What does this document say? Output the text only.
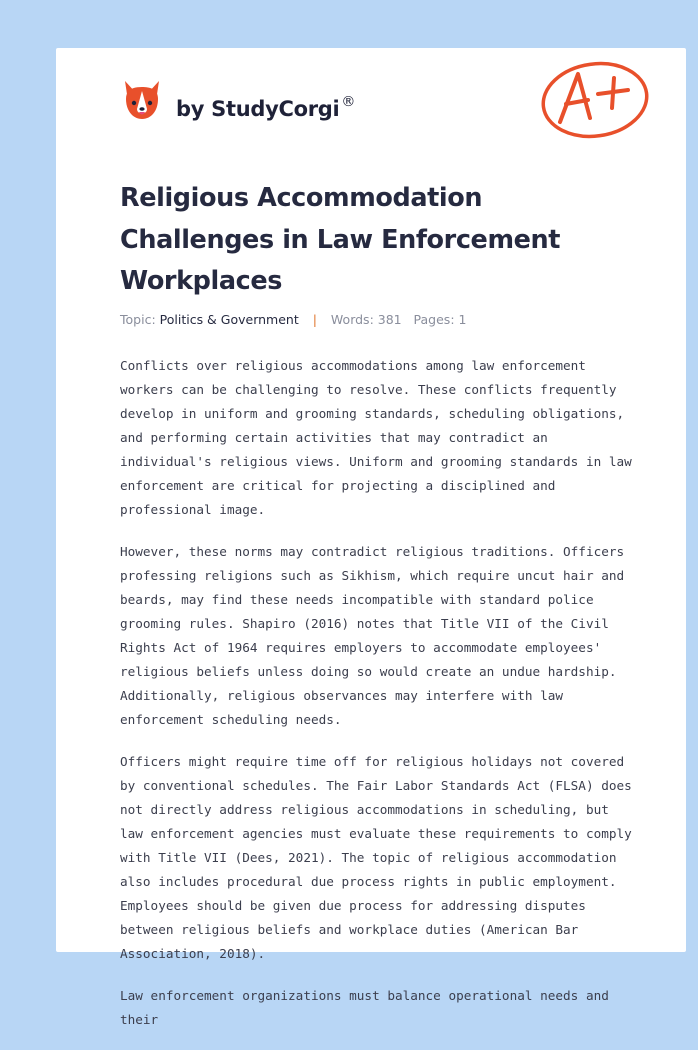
by StudyCorgi ®
Religious Accommodation Challenges in Law Enforcement Workplaces
Topic: Politics & Government | Words: 381 Pages: 1

Conflicts over religious accommodations among law enforcement workers can be challenging to resolve. These conflicts frequently develop in uniform and grooming standards, scheduling obligations, and performing certain activities that may contradict an individual's religious views. Uniform and grooming standards in law enforcement are critical for projecting a disciplined and professional image.

However, these norms may contradict religious traditions. Officers professing religions such as Sikhism, which require uncut hair and beards, may find these needs incompatible with standard police grooming rules. Shapiro (2016) notes that Title VII of the Civil Rights Act of 1964 requires employers to accommodate employees' religious beliefs unless doing so would create an undue hardship. Additionally, religious observances may interfere with law enforcement scheduling needs.

Officers might require time off for religious holidays not covered by conventional schedules. The Fair Labor Standards Act (FLSA) does not directly address religious accommodations in scheduling, but law enforcement agencies must evaluate these requirements to comply with Title VII (Dees, 2021). The topic of religious accommodation also includes procedural due process rights in public employment. Employees should be given due process for addressing disputes between religious beliefs and workplace duties (American Bar Association, 2018).

Law enforcement organizations must balance operational needs and their
